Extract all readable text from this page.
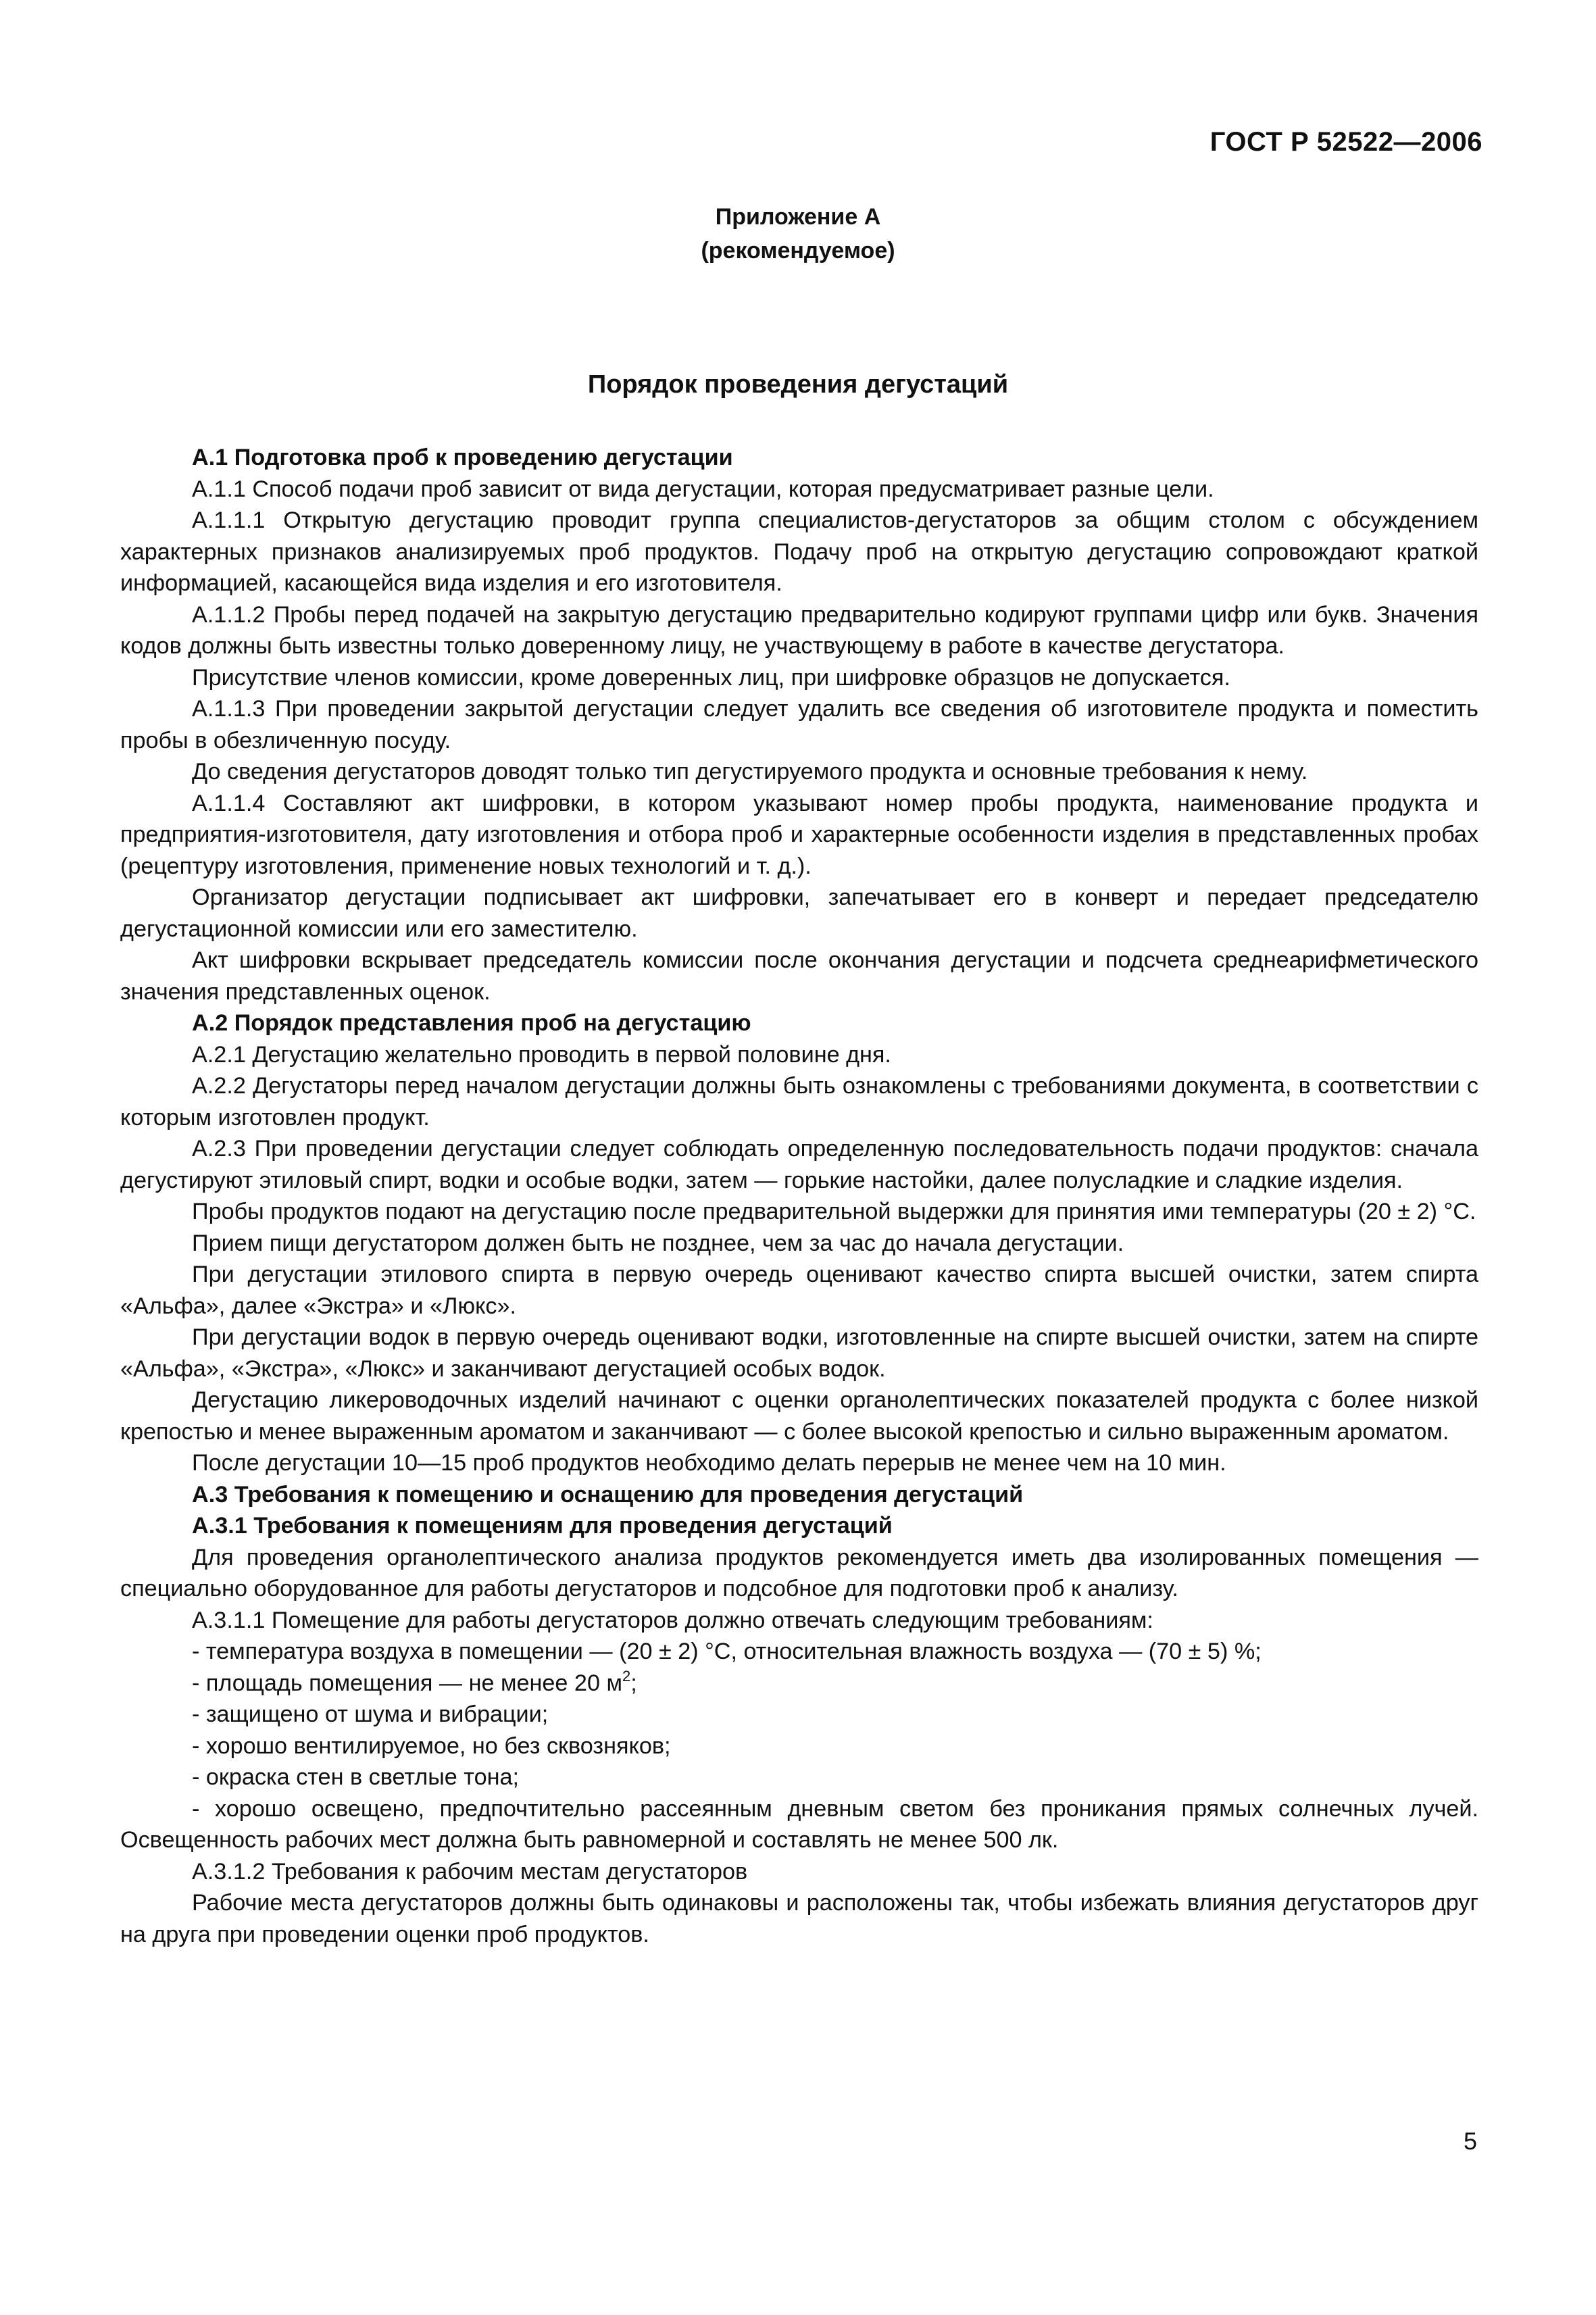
ГОСТ Р 52522—2006
Приложение А
(рекомендуемое)
Порядок проведения дегустаций

А.1 Подготовка проб к проведению дегустации

А.1.1 Способ подачи проб зависит от вида дегустации, которая предусматривает разные цели.

А.1.1.1 Открытую дегустацию проводит группа специалистов-дегустаторов за общим столом с обсуждением характерных признаков анализируемых проб продуктов. Подачу проб на открытую дегустацию сопровождают краткой информацией, касающейся вида изделия и его изготовителя.

А.1.1.2 Пробы перед подачей на закрытую дегустацию предварительно кодируют группами цифр или букв. Значения кодов должны быть известны только доверенному лицу, не участвующему в работе в качестве дегустатора.

Присутствие членов комиссии, кроме доверенных лиц, при шифровке образцов не допускается.

А.1.1.3 При проведении закрытой дегустации следует удалить все сведения об изготовителе продукта и поместить пробы в обезличенную посуду.

До сведения дегустаторов доводят только тип дегустируемого продукта и основные требования к нему.

А.1.1.4 Составляют акт шифровки, в котором указывают номер пробы продукта, наименование продукта и предприятия-изготовителя, дату изготовления и отбора проб и характерные особенности изделия в представленных пробах (рецептуру изготовления, применение новых технологий и т. д.).

Организатор дегустации подписывает акт шифровки, запечатывает его в конверт и передает председателю дегустационной комиссии или его заместителю.

Акт шифровки вскрывает председатель комиссии после окончания дегустации и подсчета среднеарифметического значения представленных оценок.

А.2 Порядок представления проб на дегустацию

А.2.1 Дегустацию желательно проводить в первой половине дня.

А.2.2 Дегустаторы перед началом дегустации должны быть ознакомлены с требованиями документа, в соответствии с которым изготовлен продукт.

А.2.3 При проведении дегустации следует соблюдать определенную последовательность подачи продуктов: сначала дегустируют этиловый спирт, водки и особые водки, затем — горькие настойки, далее полусладкие и сладкие изделия.

Пробы продуктов подают на дегустацию после предварительной выдержки для принятия ими температуры (20 ± 2) °С.

Прием пищи дегустатором должен быть не позднее, чем за час до начала дегустации.

При дегустации этилового спирта в первую очередь оценивают качество спирта высшей очистки, затем спирта «Альфа», далее «Экстра» и «Люкс».

При дегустации водок в первую очередь оценивают водки, изготовленные на спирте высшей очистки, затем на спирте «Альфа», «Экстра», «Люкс» и заканчивают дегустацией особых водок.

Дегустацию ликероводочных изделий начинают с оценки органолептических показателей продукта с более низкой крепостью и менее выраженным ароматом и заканчивают — с более высокой крепостью и сильно выраженным ароматом.

После дегустации 10—15 проб продуктов необходимо делать перерыв не менее чем на 10 мин.

А.3 Требования к помещению и оснащению для проведения дегустаций

А.3.1 Требования к помещениям для проведения дегустаций

Для проведения органолептического анализа продуктов рекомендуется иметь два изолированных помещения — специально оборудованное для работы дегустаторов и подсобное для подготовки проб к анализу.

А.3.1.1 Помещение для работы дегустаторов должно отвечать следующим требованиям:

- температура воздуха в помещении — (20 ± 2) °С, относительная влажность воздуха — (70 ± 5) %;

- площадь помещения — не менее 20 $м^2$;

- защищено от шума и вибрации;

- хорошо вентилируемое, но без сквозняков;

- окраска стен в светлые тона;

- хорошо освещено, предпочтительно рассеянным дневным светом без проникания прямых солнечных лучей. Освещенность рабочих мест должна быть равномерной и составлять не менее 500 лк.

А.3.1.2 Требования к рабочим местам дегустаторов

Рабочие места дегустаторов должны быть одинаковы и расположены так, чтобы избежать влияния дегустаторов друг на друга при проведении оценки проб продуктов.

5
